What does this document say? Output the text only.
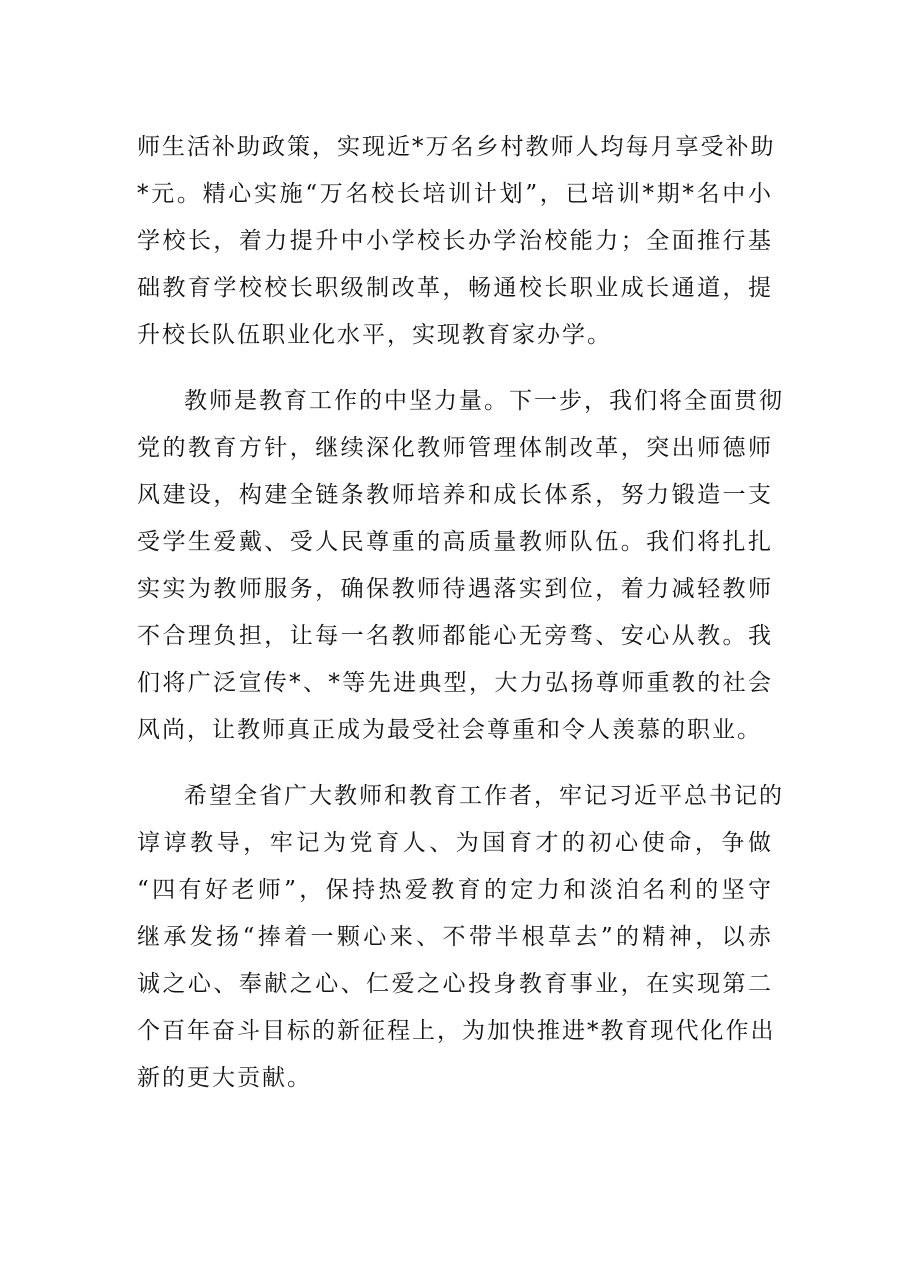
师生活补助政策，实现近*万名乡村教师人均每月享受补助
*元。精心实施“万名校长培训计划”，已培训*期*名中小
学校长，着力提升中小学校长办学治校能力；全面推行基
础教育学校校长职级制改革，畅通校长职业成长通道，提
升校长队伍职业化水平，实现教育家办学。
教师是教育工作的中坚力量。下一步，我们将全面贯彻
党的教育方针，继续深化教师管理体制改革，突出师德师
风建设，构建全链条教师培养和成长体系，努力锻造一支
受学生爱戴、受人民尊重的高质量教师队伍。我们将扎扎
实实为教师服务，确保教师待遇落实到位，着力减轻教师
不合理负担，让每一名教师都能心无旁骛、安心从教。我
们将广泛宣传*、*等先进典型，大力弘扬尊师重教的社会
风尚，让教师真正成为最受社会尊重和令人羡慕的职业。
希望全省广大教师和教育工作者，牢记习近平总书记的
谆谆教导，牢记为党育人、为国育才的初心使命，争做
“四有好老师”，保持热爱教育的定力和淡泊名利的坚守
继承发扬“捧着一颗心来、不带半根草去”的精神，以赤
诚之心、奉献之心、仁爱之心投身教育事业，在实现第二
个百年奋斗目标的新征程上，为加快推进*教育现代化作出
新的更大贡献。
